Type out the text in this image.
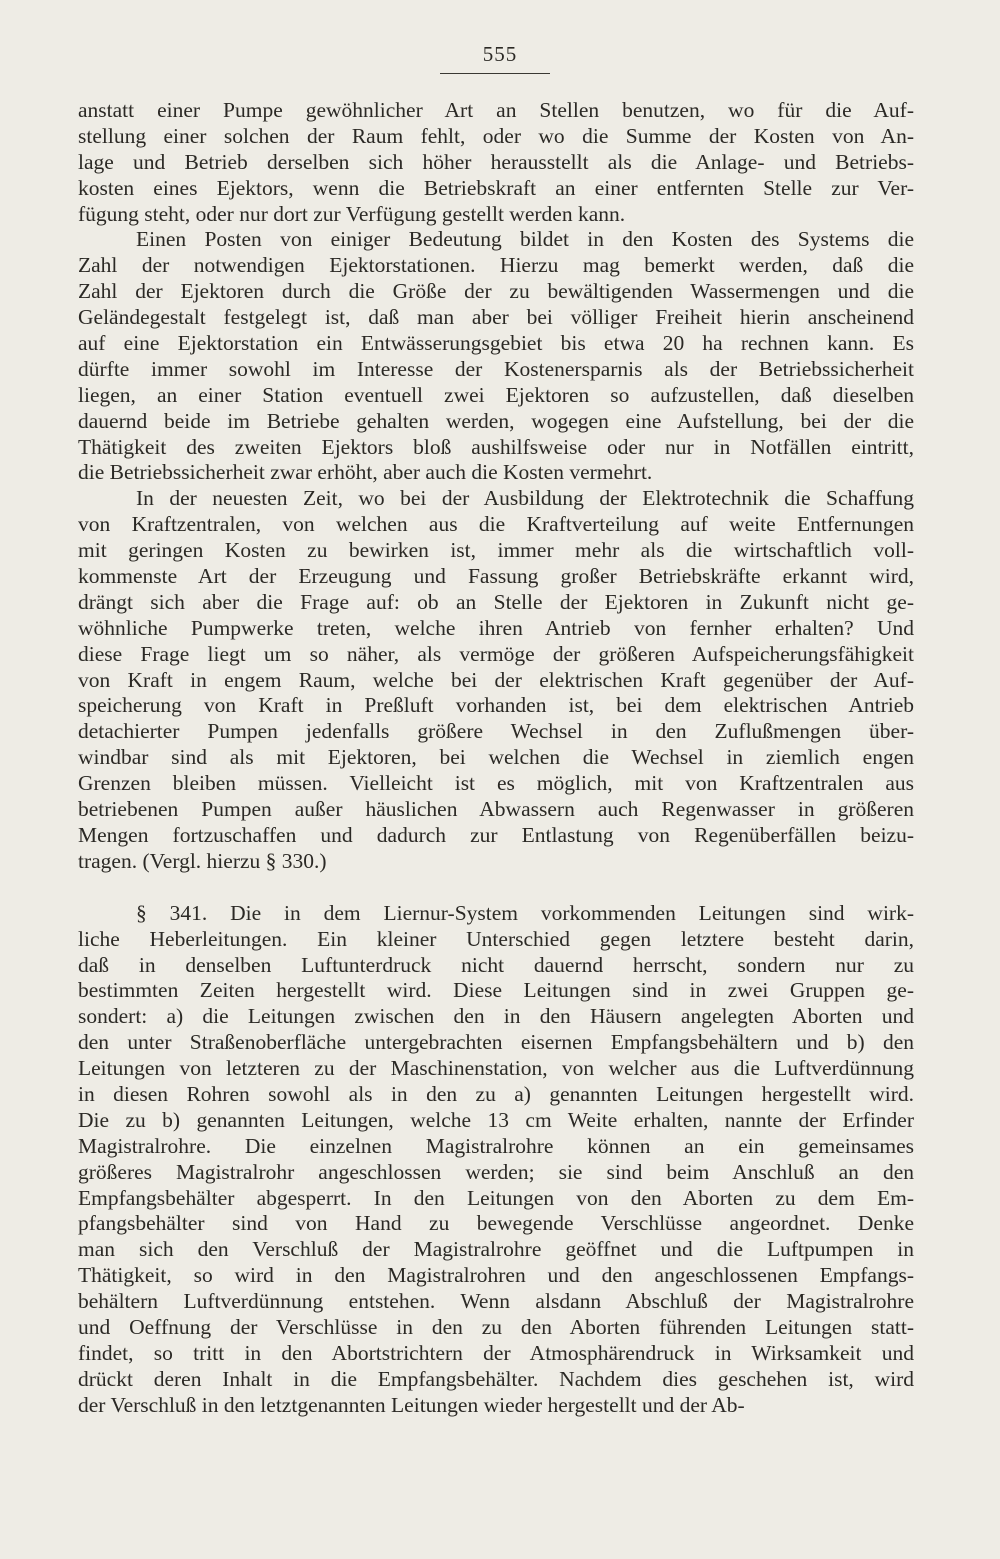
555
anstatt einer Pumpe gewöhnlicher Art an Stellen benutzen, wo für die Auf-
stellung einer solchen der Raum fehlt, oder wo die Summe der Kosten von An-
lage und Betrieb derselben sich höher herausstellt als die Anlage- und Betriebs-
kosten eines Ejektors, wenn die Betriebskraft an einer entfernten Stelle zur Ver-
fügung steht, oder nur dort zur Verfügung gestellt werden kann.
Einen Posten von einiger Bedeutung bildet in den Kosten des Systems die
Zahl der notwendigen Ejektorstationen. Hierzu mag bemerkt werden, daß die
Zahl der Ejektoren durch die Größe der zu bewältigenden Wassermengen und die
Geländegestalt festgelegt ist, daß man aber bei völliger Freiheit hierin anscheinend
auf eine Ejektorstation ein Entwässerungsgebiet bis etwa 20 ha rechnen kann. Es
dürfte immer sowohl im Interesse der Kostenersparnis als der Betriebssicherheit
liegen, an einer Station eventuell zwei Ejektoren so aufzustellen, daß dieselben
dauernd beide im Betriebe gehalten werden, wogegen eine Aufstellung, bei der die
Thätigkeit des zweiten Ejektors bloß aushilfsweise oder nur in Notfällen eintritt,
die Betriebssicherheit zwar erhöht, aber auch die Kosten vermehrt.
In der neuesten Zeit, wo bei der Ausbildung der Elektrotechnik die Schaffung
von Kraftzentralen, von welchen aus die Kraftverteilung auf weite Entfernungen
mit geringen Kosten zu bewirken ist, immer mehr als die wirtschaftlich voll-
kommenste Art der Erzeugung und Fassung großer Betriebskräfte erkannt wird,
drängt sich aber die Frage auf: ob an Stelle der Ejektoren in Zukunft nicht ge-
wöhnliche Pumpwerke treten, welche ihren Antrieb von fernher erhalten? Und
diese Frage liegt um so näher, als vermöge der größeren Aufspeicherungsfähigkeit
von Kraft in engem Raum, welche bei der elektrischen Kraft gegenüber der Auf-
speicherung von Kraft in Preßluft vorhanden ist, bei dem elektrischen Antrieb
detachierter Pumpen jedenfalls größere Wechsel in den Zuflußmengen über-
windbar sind als mit Ejektoren, bei welchen die Wechsel in ziemlich engen
Grenzen bleiben müssen. Vielleicht ist es möglich, mit von Kraftzentralen aus
betriebenen Pumpen außer häuslichen Abwassern auch Regenwasser in größeren
Mengen fortzuschaffen und dadurch zur Entlastung von Regenüberfällen beizu-
tragen. (Vergl. hierzu § 330.)
§ 341. Die in dem Liernur-System vorkommenden Leitungen sind wirk-
liche Heberleitungen. Ein kleiner Unterschied gegen letztere besteht darin,
daß in denselben Luftunterdruck nicht dauernd herrscht, sondern nur zu
bestimmten Zeiten hergestellt wird. Diese Leitungen sind in zwei Gruppen ge-
sondert: a) die Leitungen zwischen den in den Häusern angelegten Aborten und
den unter Straßenoberfläche untergebrachten eisernen Empfangsbehältern und b) den
Leitungen von letzteren zu der Maschinenstation, von welcher aus die Luftverdünnung
in diesen Rohren sowohl als in den zu a) genannten Leitungen hergestellt wird.
Die zu b) genannten Leitungen, welche 13 cm Weite erhalten, nannte der Erfinder
Magistralrohre. Die einzelnen Magistralrohre können an ein gemeinsames
größeres Magistralrohr angeschlossen werden; sie sind beim Anschluß an den
Empfangsbehälter abgesperrt. In den Leitungen von den Aborten zu dem Em-
pfangsbehälter sind von Hand zu bewegende Verschlüsse angeordnet. Denke
man sich den Verschluß der Magistralrohre geöffnet und die Luftpumpen in
Thätigkeit, so wird in den Magistralrohren und den angeschlossenen Empfangs-
behältern Luftverdünnung entstehen. Wenn alsdann Abschluß der Magistralrohre
und Oeffnung der Verschlüsse in den zu den Aborten führenden Leitungen statt-
findet, so tritt in den Abortstrichtern der Atmosphärendruck in Wirksamkeit und
drückt deren Inhalt in die Empfangsbehälter. Nachdem dies geschehen ist, wird
der Verschluß in den letztgenannten Leitungen wieder hergestellt und der Ab-
